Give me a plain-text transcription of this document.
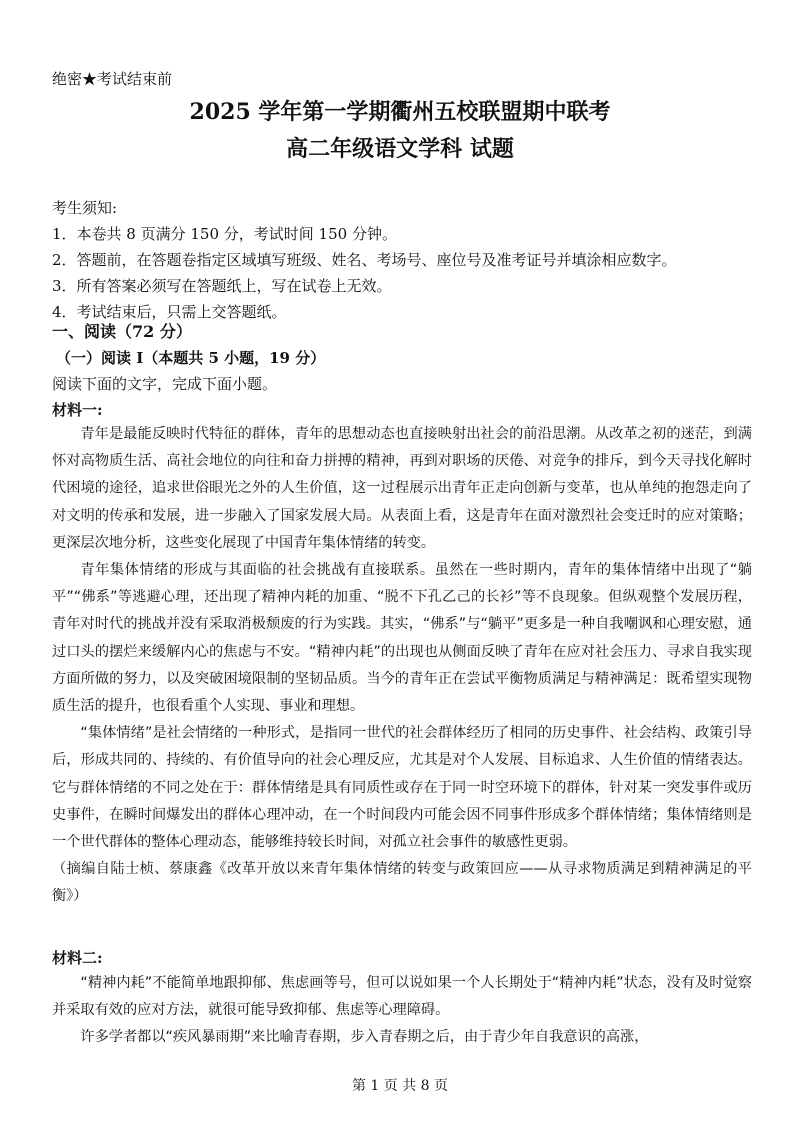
绝密★考试结束前
2025 学年第一学期衢州五校联盟期中联考
高二年级语文学科 试题
考生须知:
1．本卷共 8 页满分 150 分，考试时间 150 分钟。
2．答题前，在答题卷指定区域填写班级、姓名、考场号、座位号及准考证号并填涂相应数字。
3．所有答案必须写在答题纸上，写在试卷上无效。
4．考试结束后，只需上交答题纸。
一、阅读（72 分）
（一）阅读 I（本题共 5 小题，19 分）
阅读下面的文字，完成下面小题。
材料一:

青年是最能反映时代特征的群体，青年的思想动态也直接映射出社会的前沿思潮。从改革之初的迷茫，到满怀对高物质生活、高社会地位的向往和奋力拼搏的精神，再到对职场的厌倦、对竞争的排斥，到今天寻找化解时代困境的途径，追求世俗眼光之外的人生价值，这一过程展示出青年正走向创新与变革，也从单纯的抱怨走向了对文明的传承和发展，进一步融入了国家发展大局。从表面上看，这是青年在面对激烈社会变迁时的应对策略；更深层次地分析，这些变化展现了中国青年集体情绪的转变。

青年集体情绪的形成与其面临的社会挑战有直接联系。虽然在一些时期内，青年的集体情绪中出现了“躺平”“佛系”等逃避心理，还出现了精神内耗的加重、“脱不下孔乙己的长衫”等不良现象。但纵观整个发展历程，青年对时代的挑战并没有采取消极颓废的行为实践。其实，“佛系”与“躺平”更多是一种自我嘲讽和心理安慰，通过口头的摆烂来缓解内心的焦虑与不安。“精神内耗”的出现也从侧面反映了青年在应对社会压力、寻求自我实现方面所做的努力，以及突破困境限制的坚韧品质。当今的青年正在尝试平衡物质满足与精神满足：既希望实现物质生活的提升，也很看重个人实现、事业和理想。

“集体情绪”是社会情绪的一种形式，是指同一世代的社会群体经历了相同的历史事件、社会结构、政策引导后，形成共同的、持续的、有价值导向的社会心理反应，尤其是对个人发展、目标追求、人生价值的情绪表达。它与群体情绪的不同之处在于：群体情绪是具有同质性或存在于同一时空环境下的群体，针对某一突发事件或历史事件，在瞬时间爆发出的群体心理冲动，在一个时间段内可能会因不同事件形成多个群体情绪；集体情绪则是一个世代群体的整体心理动态，能够维持较长时间，对孤立社会事件的敏感性更弱。

（摘编自陆士桢、蔡康鑫《改革开放以来青年集体情绪的转变与政策回应——从寻求物质满足到精神满足的平衡》）
材料二:

“精神内耗”不能简单地跟抑郁、焦虑画等号，但可以说如果一个人长期处于“精神内耗”状态，没有及时觉察并采取有效的应对方法，就很可能导致抑郁、焦虑等心理障碍。

许多学者都以“疾风暴雨期”来比喻青春期，步入青春期之后，由于青少年自我意识的高涨，

第 1 页 共 8 页
